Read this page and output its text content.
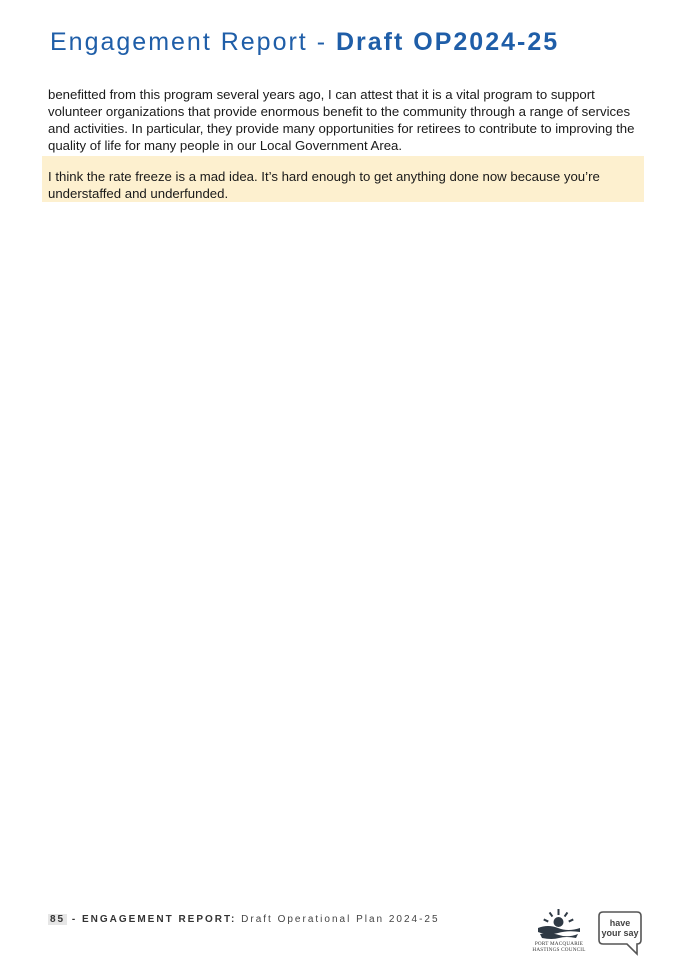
Engagement Report - Draft OP2024-25

benefitted from this program several years ago, I can attest that it is a vital program to support volunteer organizations that provide enormous benefit to the community through a range of services and activities. In particular, they provide many opportunities for retirees to contribute to improving the quality of life for many people in our Local Government Area.

I think the rate freeze is a mad idea. It’s hard enough to get anything done now because you’re understaffed and underfunded.

85 - ENGAGEMENT REPORT: Draft Operational Plan 2024-25
PORT MACQUARIE HASTINGS COUNCIL
have your say
